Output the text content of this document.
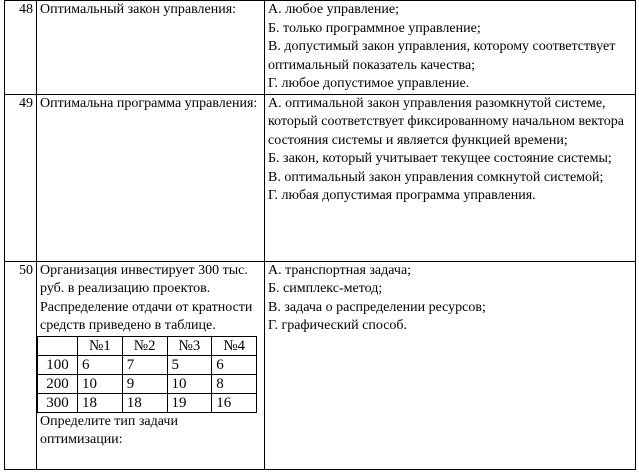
48	Оптимальный закон управления:	А. любое управление;
Б. только программное управление;
В. допустимый закон управления, которому соответствует оптимальный показатель качества;
Г. любое допустимое управление.

49	Оптимальна программа управления:	А. оптимальной закон управления разомкнутой системе, который соответствует фиксированному начальном вектора состояния системы и является функцией времени;
Б. закон, который учитывает текущее состояние системы;
В. оптимальный закон управления сомкнутой системой;
Г. любая допустимая программа управления.

50	Организация инвестирует 300 тыс. руб. в реализацию проектов. Распределение отдачи от кратности средств приведено в таблице.
	№1	№2	№3	№4
100	6	7	5	6
200	10	9	10	8
300	18	18	19	16
Определите тип задачи оптимизации:

А. транспортная задача;
Б. симплекс-метод;
В. задача о распределении ресурсов;
Г. графический способ.
